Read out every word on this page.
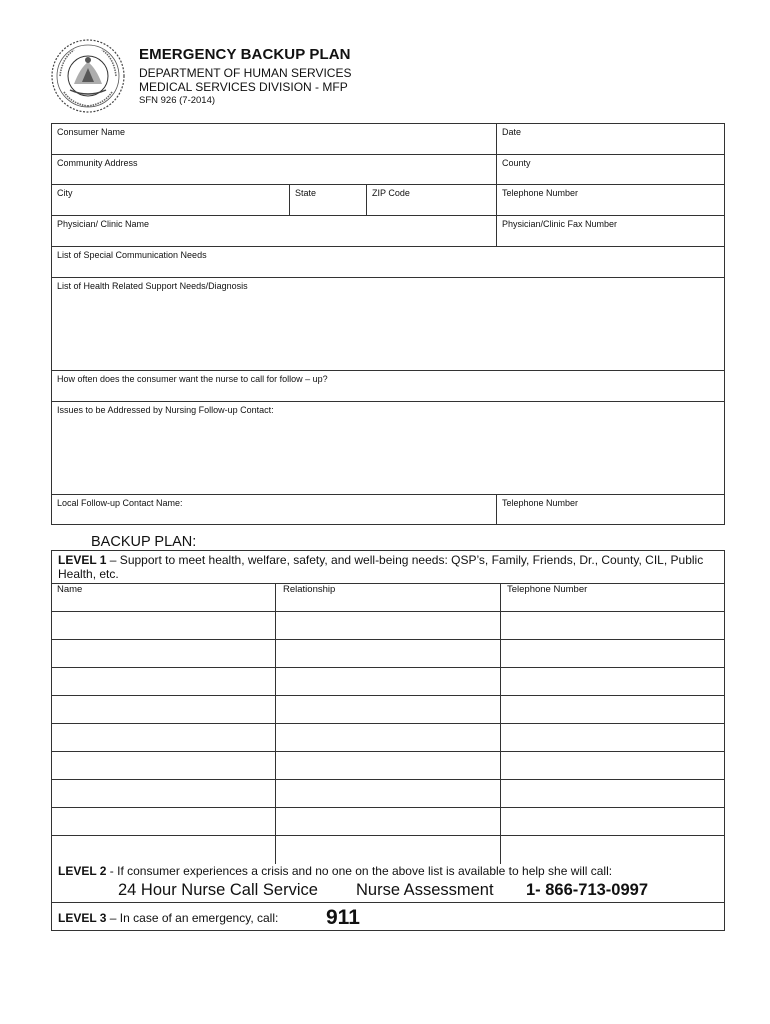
EMERGENCY BACKUP PLAN
DEPARTMENT OF HUMAN SERVICES
MEDICAL SERVICES DIVISION - MFP
SFN 926 (7-2014)
Consumer Name	Date
Community Address	County
City	State	ZIP Code	Telephone Number
Physician/ Clinic Name	Physician/Clinic Fax Number
List of Special Communication Needs
List of Health Related Support Needs/Diagnosis
How often does the consumer want the nurse to call for follow – up?
Issues to be Addressed by Nursing Follow-up Contact:
Local Follow-up Contact Name:	Telephone Number
BACKUP PLAN:
LEVEL 1 – Support to meet health, welfare, safety, and well-being needs: QSP’s, Family, Friends, Dr., County, CIL, Public Health, etc.
Name	Relationship	Telephone Number
LEVEL 2 - If consumer experiences a crisis and no one on the above list is available to help she will call:
24 Hour Nurse Call Service Nurse Assessment 1- 866-713-0997
LEVEL 3 – In case of an emergency, call:	911
